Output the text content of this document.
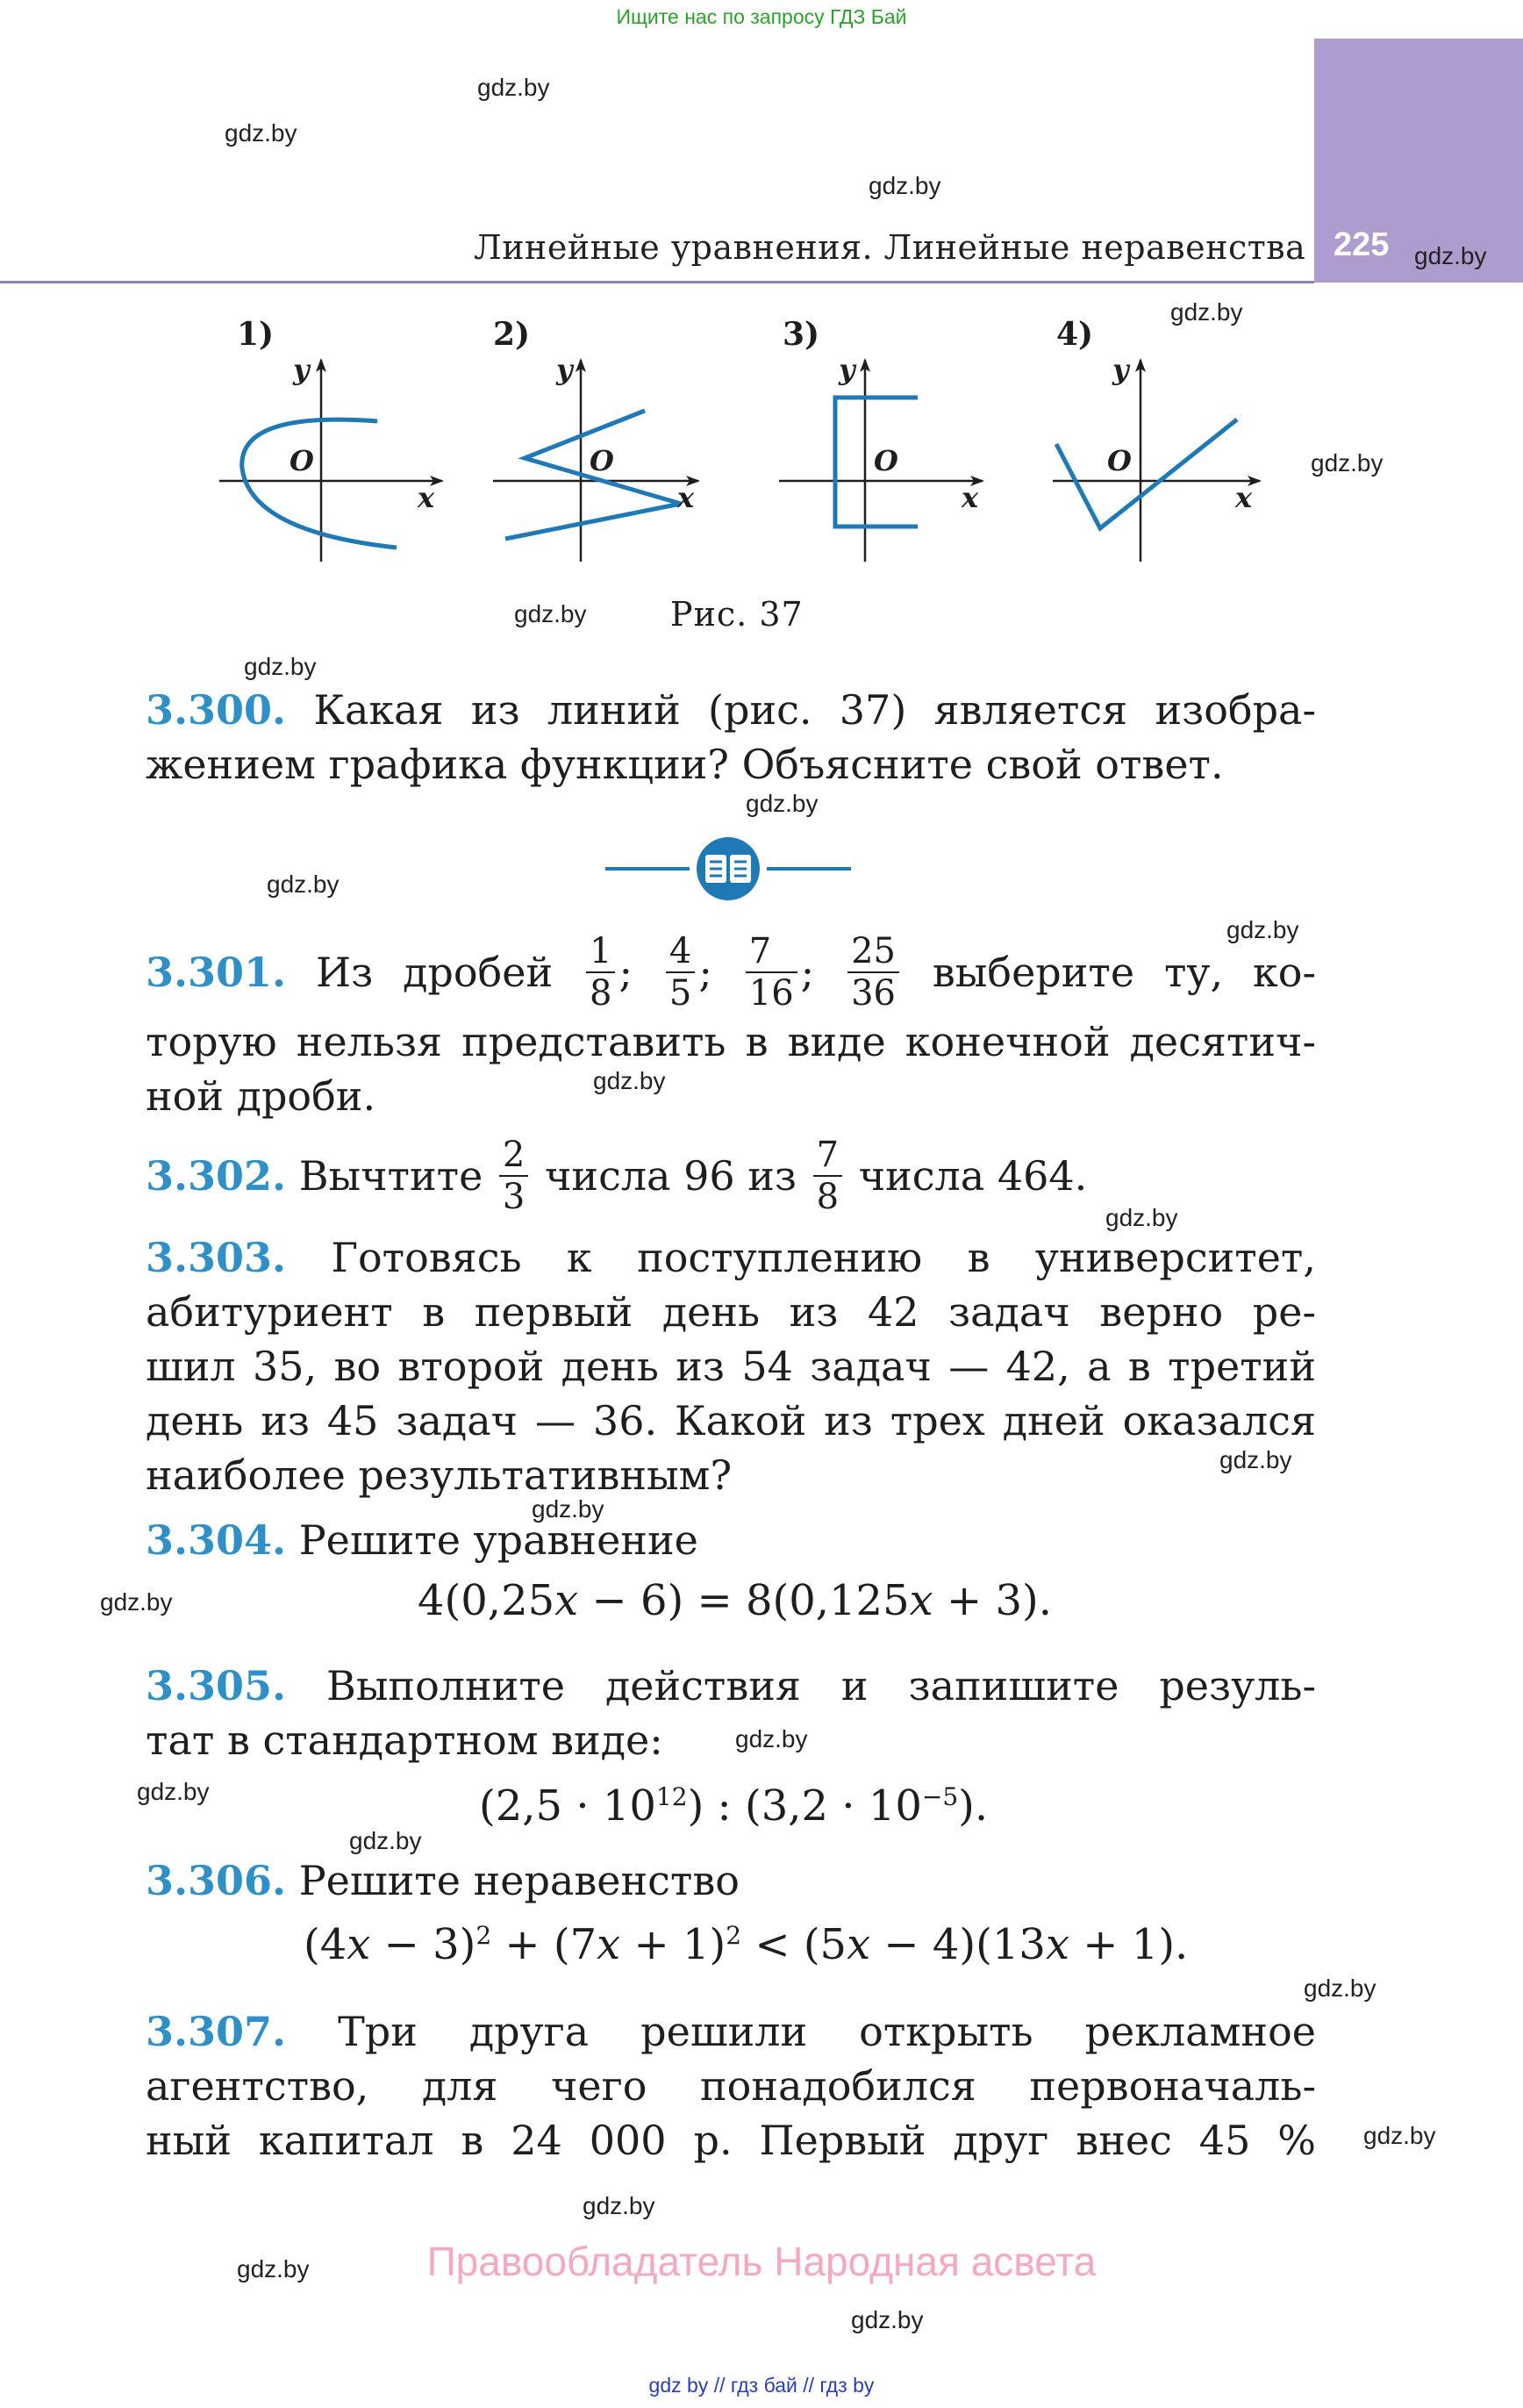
Ищите нас по запросу ГДЗ Бай
gdz by // гдз бай // гдз by
225
Линейные уравнения. Линейные неравенства
gdz.by
gdz.by
gdz.by
gdz.by
gdz.by
gdz.by
gdz.by
gdz.by
gdz.by
gdz.by
gdz.by
gdz.by
gdz.by
gdz.by
gdz.by
gdz.by
gdz.by
gdz.by
gdz.by
gdz.by
gdz.by
gdz.by
gdz.by
gdz.by
1)	2)	3)	4)
y
x
O
y
x
O
y
x
O
y
x
O
Рис. 37

3.300. Какая из линий (рис. 37) является изобра-

жением графика функции? Объясните свой ответ.

3.301. Из дробей $\frac{1}{8}$ ; $\frac{4}{5}$ ; $\frac{7}{16}$ ; $\frac{25}{36}$ выберите ту, ко-

торую нельзя представить в виде конечной десятич-

ной дроби.

3.302. Вычтите $\frac{2}{3}$ числа 96 из $\frac{7}{8}$ числа 464.

3.303. Готовясь к поступлению в университет,

абитуриент в первый день из 42 задач верно ре-

шил 35, во второй день из 54 задач — 42, а в третий

день из 45 задач — 36. Какой из трех дней оказался

наиболее результативным?

3.304. Решите уравнение

4(0,25x − 6) = 8(0,125x + 3).

3.305. Выполните действия и запишите резуль-

тат в стандартном виде:

$(2,5 \cdot 10^{12})$ : $(3,2 \cdot 10^{-5})$.

3.306. Решите неравенство

$(4x - 3)^2 + (7x + 1)^2 < (5x - 4)(13x + 1)$.

3.307. Три друга решили открыть рекламное

агентство, для чего понадобился первоначаль-

ный капитал в 24 000 р. Первый друг внес 45 %

Правообладатель Народная асвета
